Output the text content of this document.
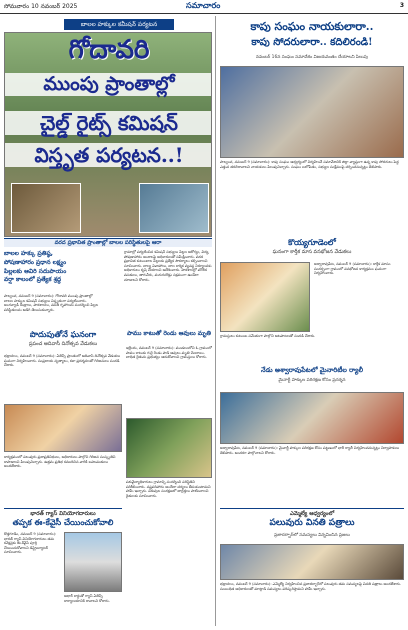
సోమవారం 10 నవంబర్ 2025	సమాచారం	3
బాలల హక్కుల కమీషన్ పర్యటన
గోదావరి
ముంపు ప్రాంతాల్లో
చైల్డ్ రైట్స్ కమిషన్
విస్తృత పర్యటన..!
వరద ప్రభావిత ప్రాంతాల్లో బాలల పరిస్థితులపై ఆరా

బాలల హక్కు ప్రతిష్ఠ,

పోషణాహారం ప్రధాన లక్ష్యం

పిల్లలకు ఆవిరి సదుపాయం

వర్షా కాలంలో ప్రత్యేక శ్రద్ధ

గ్రామాల్లో పర్యటించిన కమిషన్ సభ్యులు పిల్లల ఆరోగ్యం, విద్య, పోషణాహారం అంశాలపై అధికారులతో సమీక్షించారు. వరద ప్రభావిత కుటుంబాల పిల్లలకు ప్రత్యేక సౌకర్యాలు కల్పించాలని సూచించారు. బాల్య వివాహాలు, బాల కార్మిక వ్యవస్థ నిర్మూలనకు అధికారులు కృషి చేయాలని ఆదేశించారు. పాఠశాలల్లో మౌలిక వసతులు, తాగునీరు, మరుగుదొడ్లు సక్రమంగా ఉండేలా చూడాలని కోరారు.
పాల్వంచ, నవంబర్ 9 (సమాచారం): గోదావరి ముంపు ప్రాంతాల్లో బాలల హక్కుల కమిషన్ సభ్యులు విస్తృతంగా పర్యటించారు. అంగన్వాడీ కేంద్రాలు, పాఠశాలలు, వసతి గృహాలను సందర్శించి పిల్లల పరిస్థితులను అడిగి తెలుసుకున్నారు.
పొదుపుతోనే ఘనంగా
ప్రపంచ ఆదివాసీ దినోత్సవ వేడుకలు
భద్రాచలం, నవంబర్ 9 (సమాచారం): ఏజెన్సీ ప్రాంతంలో ఆదివాసీ దినోత్సవ వేడుకలు ఘనంగా నిర్వహించారు. సంప్రదాయ నృత్యాలు, కళా ప్రదర్శనలతో గిరిజనులు సందడి చేశారు.
కార్యక్రమంలో పలువురు ప్రజాప్రతినిధులు, అధికారులు పాల్గొని గిరిజన సంస్కృతిని కాపాడాలని పిలుపునిచ్చారు. ఉత్తమ ప్రతిభ కనబరిచిన వారికి బహుమతులు అందజేశారు.
భారత్ గ్యాస్ వినియోగదారులు
తప్పక ఈ-కేవైసీ చేయించుకోవాలి
కొత్తగూడెం, నవంబర్ 9 (సమాచారం): భారత్ గ్యాస్ వినియోగదారులు తమ కనెక్షన్లకు ఈ-కేవైసీ పూర్తి చేయించుకోవాలని డిస్ట్రిబ్యూటర్ సూచించారు.
ఆధార్ కార్డుతో గ్యాస్ ఏజెన్సీ కార్యాలయానికి రావాలని కోరారు.
పాము కాటుతో రెండు ఆవులు మృతి
ఇల్లెందు, నవంబర్ 9 (సమాచారం): మండలంలోని ఓ గ్రామంలో పాము కాటుకు గురై రెండు పాడి ఆవులు మృతి చెందాయి. బాధిత రైతును ప్రభుత్వం ఆదుకోవాలని గ్రామస్తులు కోరారు.
పశువైద్యాధికారులు గ్రామాన్ని సందర్శించి పరిస్థితిని పరిశీలించారు. నష్టపరిహారం అందేలా చర్యలు తీసుకుంటామని హామీ ఇచ్చారు. పశువుల సంరక్షణలో జాగ్రత్తలు పాటించాలని రైతులకు సూచించారు.
కాపు సంఘం నాయకులారా..
కాపు సోదరులారా.. కదిలిరండి!
నవంబర్ 16న సంఘం సమావేశం విజయవంతం చేయాలని పిలుపు
పాల్వంచ, నవంబర్ 9 (సమాచారం): కాపు సంఘం ఆధ్వర్యంలో నిర్వహించే సమావేశానికి జిల్లా వ్యాప్తంగా ఉన్న కాపు సోదరులు పెద్ద ఎత్తున తరలిరావాలని నాయకులు పిలుపునిచ్చారు. సంఘం బలోపేతం, సభ్యుల సంక్షేమంపై చర్చించనున్నట్లు తెలిపారు.
కొయ్యగూడెంలో
ఘనంగా కార్తీక మాస వనభోజన వేడుకలు
అశ్వారావుపేట, నవంబర్ 9 (సమాచారం): కార్తీక మాసం సందర్భంగా గ్రామంలో వనభోజన కార్యక్రమం ఘనంగా నిర్వహించారు.
గ్రామస్తులు కుటుంబ సమేతంగా పాల్గొని ఆటపాటలతో సందడి చేశారు.
నేడు అశ్వారావుపేటలో మైనారిటీల ర్యాలీ
మైనార్టీ హక్కుల పరిరక్షణ కోసం ప్రదర్శన
అశ్వారావుపేట, నవంబర్ 9 (సమాచారం): మైనార్టీ హక్కుల పరిరక్షణ కోసం పట్టణంలో భారీ ర్యాలీ నిర్వహించనున్నట్లు నిర్వాహకులు తెలిపారు. అందరూ పాల్గొనాలని కోరారు.
ఎమ్మెల్యే ఆధ్వర్యంలో
పలువురు వినతి పత్రాలు
ప్రజాదర్బార్‌లో సమస్యలు విన్నవించిన ప్రజలు
భద్రాచలం, నవంబర్ 9 (సమాచారం): ఎమ్మెల్యే నిర్వహించిన ప్రజాదర్బార్‌లో పలువురు తమ సమస్యలపై వినతి పత్రాలు అందజేశారు. సంబంధిత అధికారులతో మాట్లాడి సమస్యలు పరిష్కరిస్తామని హామీ ఇచ్చారు.
